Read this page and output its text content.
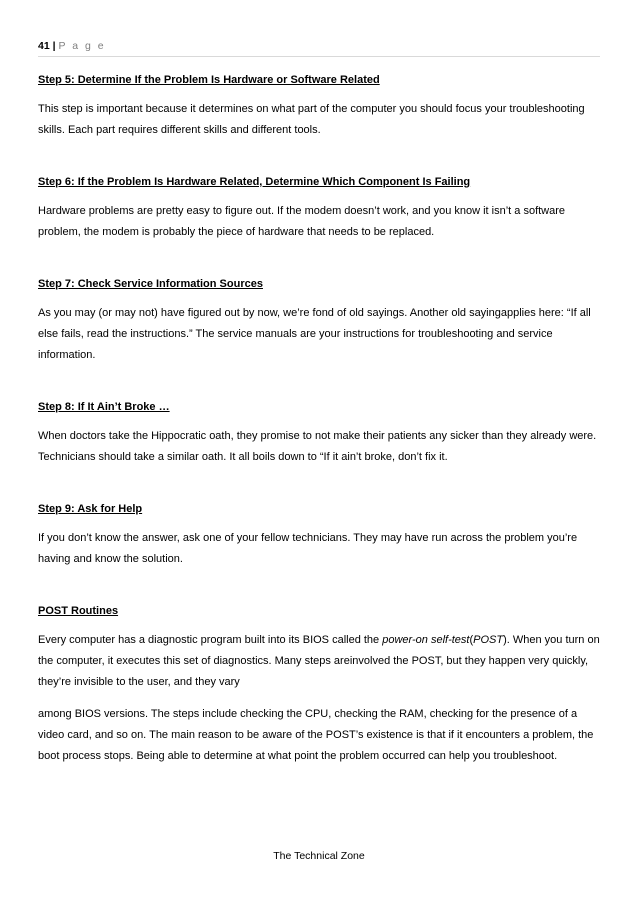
41 | P a g e

Step 5: Determine If the Problem Is Hardware or Software Related

This step is important because it determines on what part of the computer you should focus your troubleshooting skills. Each part requires different skills and different tools.

Step 6: If the Problem Is Hardware Related, Determine Which Component Is Failing

Hardware problems are pretty easy to figure out. If the modem doesn’t work, and you know it isn’t a software problem, the modem is probably the piece of hardware that needs to be replaced.

Step 7: Check Service Information Sources

As you may (or may not) have figured out by now, we’re fond of old sayings. Another old sayingapplies here: “If all else fails, read the instructions.” The service manuals are your instructions for troubleshooting and service information.

Step 8: If It Ain’t Broke …

When doctors take the Hippocratic oath, they promise to not make their patients any sicker than they already were. Technicians should take a similar oath. It all boils down to “If it ain’t broke, don’t fix it.

Step 9: Ask for Help

If you don’t know the answer, ask one of your fellow technicians. They may have run across the problem you’re having and know the solution.

POST Routines

Every computer has a diagnostic program built into its BIOS called the power-on self-test(POST). When you turn on the computer, it executes this set of diagnostics. Many steps areinvolved the POST, but they happen very quickly, they’re invisible to the user, and they vary

among BIOS versions. The steps include checking the CPU, checking the RAM, checking for the presence of a video card, and so on. The main reason to be aware of the POST’s existence is that if it encounters a problem, the boot process stops. Being able to determine at what point the problem occurred can help you troubleshoot.

The Technical Zone
